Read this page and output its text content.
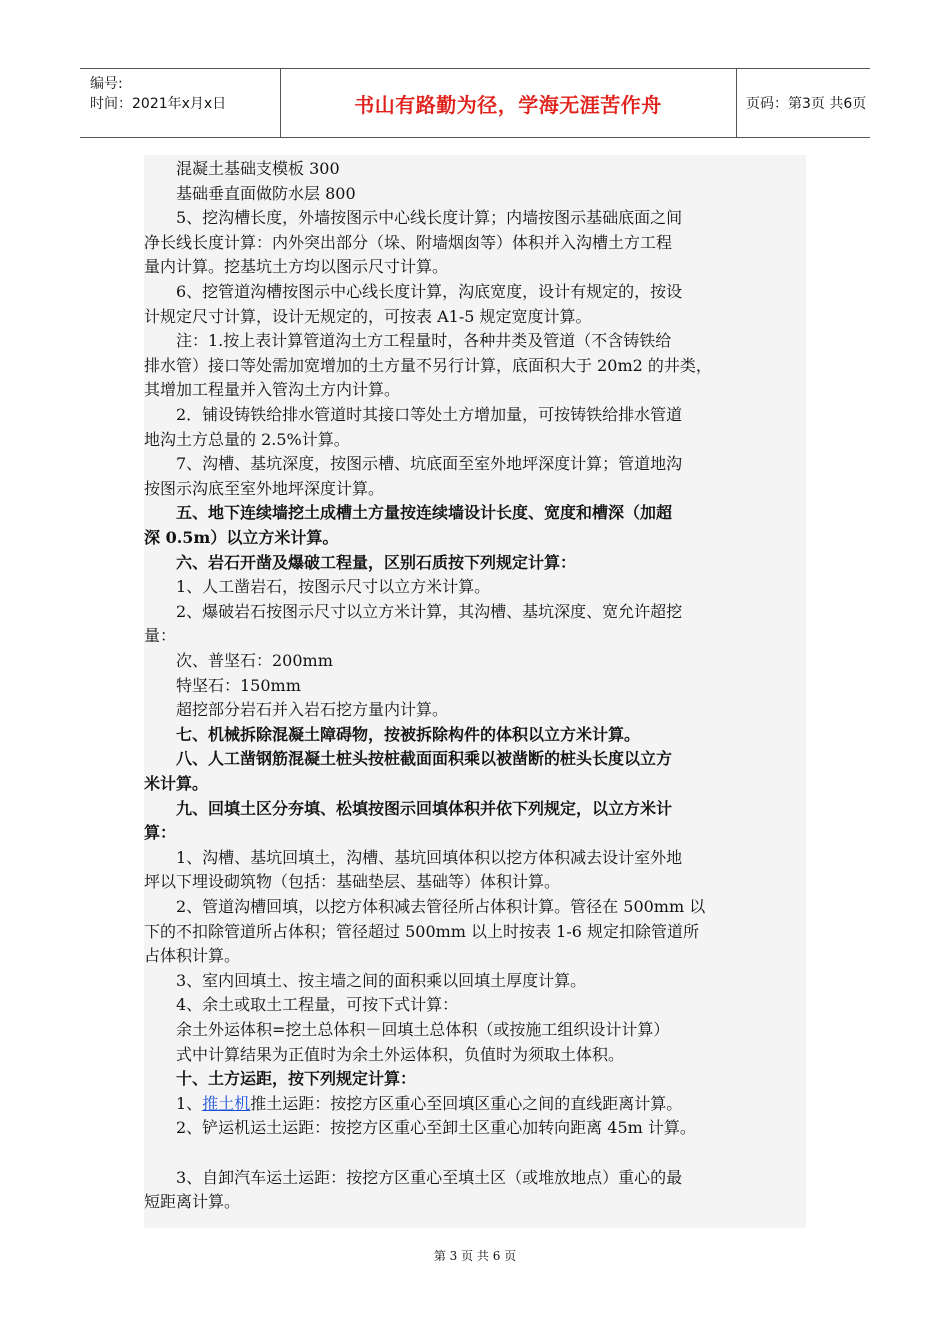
编号:
时间：2021年x月x日	书山有路勤为径，学海无涯苦作舟	页码：第3页 共6页
　　混凝土基础支模板 300
　　基础垂直面做防水层 800
　　5、挖沟槽长度，外墙按图示中心线长度计算；内墙按图示基础底面之间
净长线长度计算：内外突出部分（垛、附墙烟囱等）体积并入沟槽土方工程
量内计算。挖基坑土方均以图示尺寸计算。
　　6、挖管道沟槽按图示中心线长度计算，沟底宽度，设计有规定的，按设
计规定尺寸计算，设计无规定的，可按表 A1-5 规定宽度计算。
　　注：1.按上表计算管道沟土方工程量时，各种井类及管道（不含铸铁给
排水管）接口等处需加宽增加的土方量不另行计算，底面积大于 20m2 的井类，
其增加工程量并入管沟土方内计算。
　　2．铺设铸铁给排水管道时其接口等处土方增加量，可按铸铁给排水管道
地沟土方总量的 2.5%计算。
　　7、沟槽、基坑深度，按图示槽、坑底面至室外地坪深度计算；管道地沟
按图示沟底至室外地坪深度计算。
　　五、地下连续墙挖土成槽土方量按连续墙设计长度、宽度和槽深（加超
深 0.5m）以立方米计算。
　　六、岩石开凿及爆破工程量，区别石质按下列规定计算：
　　1、人工凿岩石，按图示尺寸以立方米计算。
　　2、爆破岩石按图示尺寸以立方米计算，其沟槽、基坑深度、宽允许超挖
量：
　　次、普坚石：200mm
　　特坚石：150mm
　　超挖部分岩石并入岩石挖方量内计算。
　　七、机械拆除混凝土障碍物，按被拆除构件的体积以立方米计算。
　　八、人工凿钢筋混凝土桩头按桩截面面积乘以被凿断的桩头长度以立方
米计算。
　　九、回填土区分夯填、松填按图示回填体积并依下列规定，以立方米计
算：
　　1、沟槽、基坑回填土，沟槽、基坑回填体积以挖方体积减去设计室外地
坪以下埋设砌筑物（包括：基础垫层、基础等）体积计算。
　　2、管道沟槽回填，以挖方体积减去管径所占体积计算。管径在 500mm 以
下的不扣除管道所占体积；管径超过 500mm 以上时按表 1-6 规定扣除管道所
占体积计算。
　　3、室内回填土、按主墙之间的面积乘以回填土厚度计算。
　　4、余土或取土工程量，可按下式计算：
　　余土外运体积=挖土总体积－回填土总体积（或按施工组织设计计算）
　　式中计算结果为正值时为余土外运体积，负值时为须取土体积。
　　十、土方运距，按下列规定计算：
　　1、推土机推土运距：按挖方区重心至回填区重心之间的直线距离计算。
　　2、铲运机运土运距：按挖方区重心至卸土区重心加转向距离 45m 计算。
　　3、自卸汽车运土运距：按挖方区重心至填土区（或堆放地点）重心的最
短距离计算。
第 3 页 共 6 页
